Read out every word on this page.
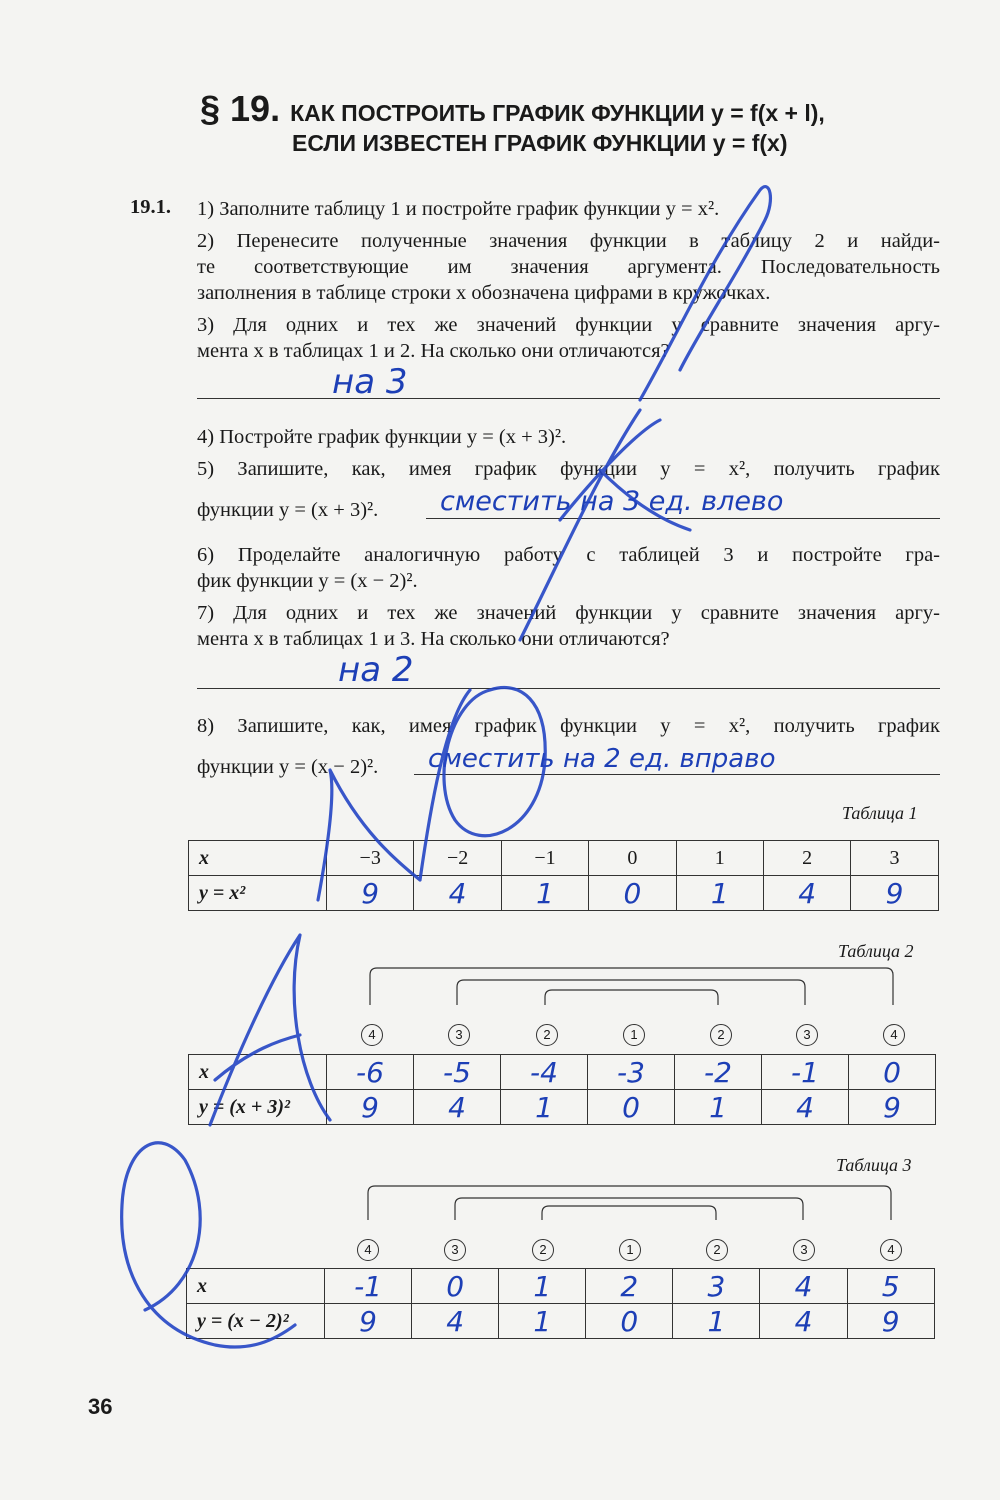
§ 19. КАК ПОСТРОИТЬ ГРАФИК ФУНКЦИИ y = f(x + l),
ЕСЛИ ИЗВЕСТЕН ГРАФИК ФУНКЦИИ y = f(x)
19.1. 1) Заполните таблицу 1 и постройте график функции y = x².
2) Перенесите полученные значения функции в таблицу 2 и найди-
те соответствующие им значения аргумента. Последовательность
заполнения в таблице строки x обозначена цифрами в кружочках.
3) Для одних и тех же значений функции y сравните значения аргу-
мента x в таблицах 1 и 2. На сколько они отличаются?
на 3
4) Постройте график функции y = (x + 3)².
5) Запишите, как, имея график функции y = x², получить график
функции y = (x + 3)². сместить на 3 ед. влево
6) Проделайте аналогичную работу с таблицей 3 и постройте гра-
фик функции y = (x − 2)².
7) Для одних и тех же значений функции y сравните значения аргу-
мента x в таблицах 1 и 3. На сколько они отличаются?
на 2
8) Запишите, как, имея график функции y = x², получить график
функции y = (x − 2)². сместить на 2 ед. вправо
Таблица 1
x	−3	−2	−1	0	1	2	3
y = x²	9	4	1	0	1	4	9
Таблица 2
4	3	2	1	2	3	4
x	-6	-5	-4	-3	-2	-1	0
y = (x + 3)²	9	4	1	0	1	4	9
Таблица 3
4	3	2	1	2	3	4
x	-1	0	1	2	3	4	5
y = (x − 2)²	9	4	1	0	1	4	9
36
